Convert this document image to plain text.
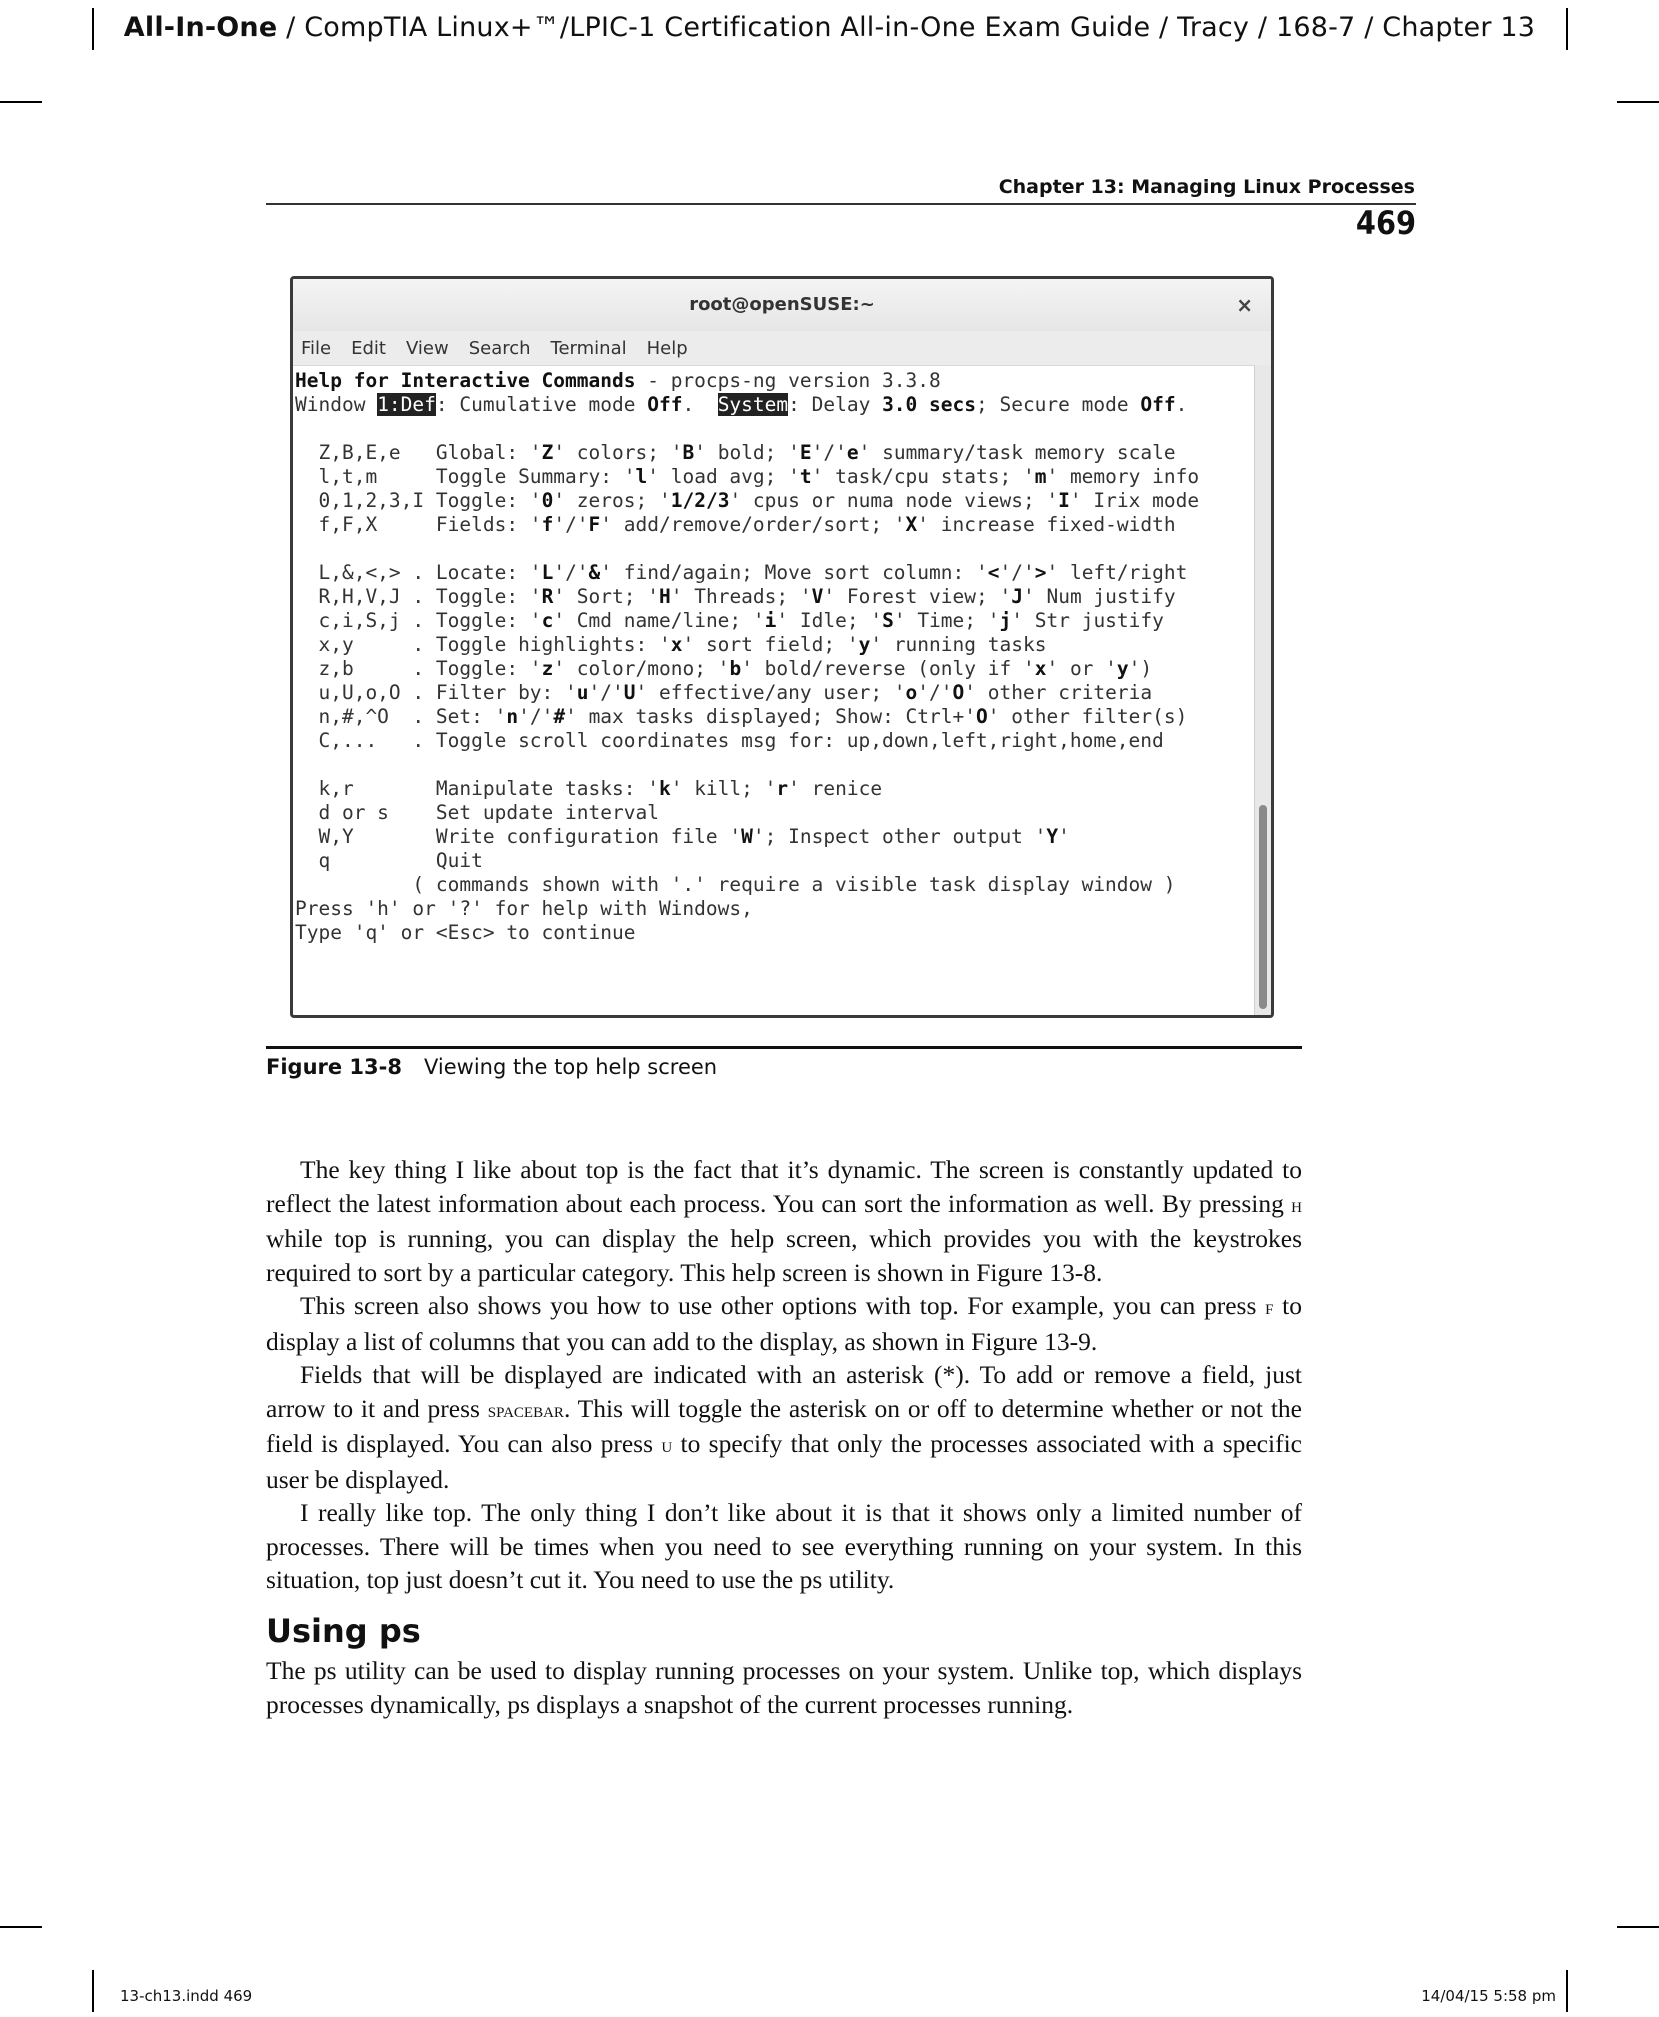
All-In-One / CompTIA Linux+™/LPIC-1 Certification All-in-One Exam Guide / Tracy / 168-7 / Chapter 13
Chapter 13: Managing Linux Processes
469
root@openSUSE:~	×
File Edit View Search Terminal Help
Help for Interactive Commands - procps-ng version 3.3.8
Window 1:Def: Cumulative mode Off.  System: Delay 3.0 secs; Secure mode Off.
Z,B,E,e   Global: 'Z' colors; 'B' bold; 'E'/'e' summary/task memory scale
l,t,m     Toggle Summary: 'l' load avg; 't' task/cpu stats; 'm' memory info
0,1,2,3,I Toggle: '0' zeros; '1/2/3' cpus or numa node views; 'I' Irix mode
f,F,X     Fields: 'f'/'F' add/remove/order/sort; 'X' increase fixed-width
L,&,<,> . Locate: 'L'/'&' find/again; Move sort column: '<'/'>' left/right
R,H,V,J . Toggle: 'R' Sort; 'H' Threads; 'V' Forest view; 'J' Num justify
c,i,S,j . Toggle: 'c' Cmd name/line; 'i' Idle; 'S' Time; 'j' Str justify
x,y     . Toggle highlights: 'x' sort field; 'y' running tasks
z,b     . Toggle: 'z' color/mono; 'b' bold/reverse (only if 'x' or 'y')
u,U,o,O . Filter by: 'u'/'U' effective/any user; 'o'/'O' other criteria
n,#,^O  . Set: 'n'/'#' max tasks displayed; Show: Ctrl+'O' other filter(s)
C,...   . Toggle scroll coordinates msg for: up,down,left,right,home,end
k,r       Manipulate tasks: 'k' kill; 'r' renice
d or s    Set update interval
W,Y       Write configuration file 'W'; Inspect other output 'Y'
q         Quit
( commands shown with '.' require a visible task display window )
Press 'h' or '?' for help with Windows,
Type 'q' or <Esc> to continue
Figure 13-8 Viewing the top help screen

The key thing I like about top is the fact that it’s dynamic. The screen is constantly updated to reflect the latest information about each process. You can sort the information as well. By pressing h while top is running, you can display the help screen, which provides you with the keystrokes required to sort by a particular category. This help screen is shown in Figure 13-8.

This screen also shows you how to use other options with top. For example, you can press f to display a list of columns that you can add to the display, as shown in Figure 13-9.

Fields that will be displayed are indicated with an asterisk (*). To add or remove a field, just arrow to it and press spacebar. This will toggle the asterisk on or off to determine whether or not the field is displayed. You can also press u to specify that only the processes associated with a specific user be displayed.

I really like top. The only thing I don’t like about it is that it shows only a limited number of processes. There will be times when you need to see everything running on your system. In this situation, top just doesn’t cut it. You need to use the ps utility.

Using ps

The ps utility can be used to display running processes on your system. Unlike top, which displays processes dynamically, ps displays a snapshot of the current processes running.

13-ch13.indd 469	14/04/15 5:58 pm
